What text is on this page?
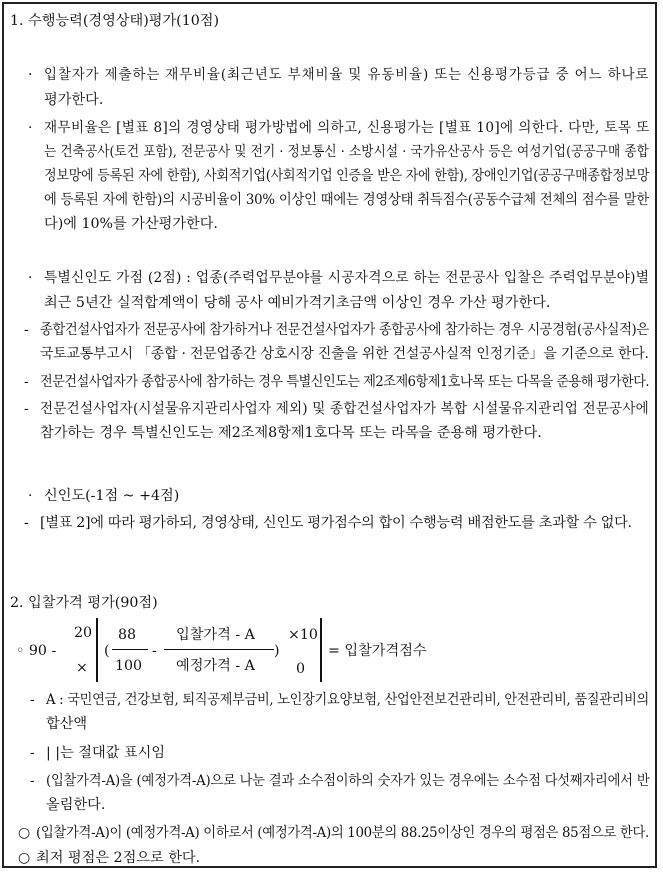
1. 수행능력(경영상태)평가(10점)
· 입찰자가 제출하는 재무비율(최근년도 부채비율 및 유동비율) 또는 신용평가등급 중 어느 하나로
평가한다.
· 재무비율은 [별표 8]의 경영상태 평가방법에 의하고, 신용평가는 [별표 10]에 의한다. 다만, 토목 또
는 건축공사(토건 포함), 전문공사 및 전기 · 정보통신 · 소방시설 · 국가유산공사 등은 여성기업(공공구매 종합
정보망에 등록된 자에 한함), 사회적기업(사회적기업 인증을 받은 자에 한함), 장애인기업(공공구매종합정보망
에 등록된 자에 한함)의 시공비율이 30% 이상인 때에는 경영상태 취득점수(공동수급체 전체의 점수를 말한
다)에 10%를 가산평가한다.
· 특별신인도 가점 (2점) : 업종(주력업무분야를 시공자격으로 하는 전문공사 입찰은 주력업무분야)별
최근 5년간 실적합계액이 당해 공사 예비가격기초금액 이상인 경우 가산 평가한다.
- 종합건설사업자가 전문공사에 참가하거나 전문건설사업자가 종합공사에 참가하는 경우 시공경험(공사실적)은
국토교통부고시 「종합 · 전문업종간 상호시장 진출을 위한 건설공사실적 인정기준」을 기준으로 한다.
- 전문건설사업자가 종합공사에 참가하는 경우 특별신인도는 제2조제6항제1호나목 또는 다목을 준용해 평가한다.
- 전문건설사업자(시설물유지관리사업자 제외) 및 종합건설사업자가 복합 시설물유지관리업 전문공사에
참가하는 경우 특별신인도는 제2조제8항제1호다목 또는 라목을 준용해 평가한다.
· 신인도(-1점 ~ +4점)
- [별표 2]에 따라 평가하되, 경영상태, 신인도 평가점수의 합이 수행능력 배점한도를 초과할 수 없다.
2. 입찰가격 평가(90점)
◦ 90 -
20
×
(
88
100
-
입찰가격 - A
예정가격 - A
)
×10
0
= 입찰가격점수
- A : 국민연금, 건강보험, 퇴직공제부금비, 노인장기요양보험, 산업안전보건관리비, 안전관리비, 품질관리비의
합산액
- | |는 절대값 표시임
- (입찰가격-A)을 (예정가격-A)으로 나눈 결과 소수점이하의 숫자가 있는 경우에는 소수점 다섯째자리에서 반
올림한다.
○ (입찰가격-A)이 (예정가격-A) 이하로서 (예정가격-A)의 100분의 88.25이상인 경우의 평점은 85점으로 한다.
○ 최저 평점은 2점으로 한다.
